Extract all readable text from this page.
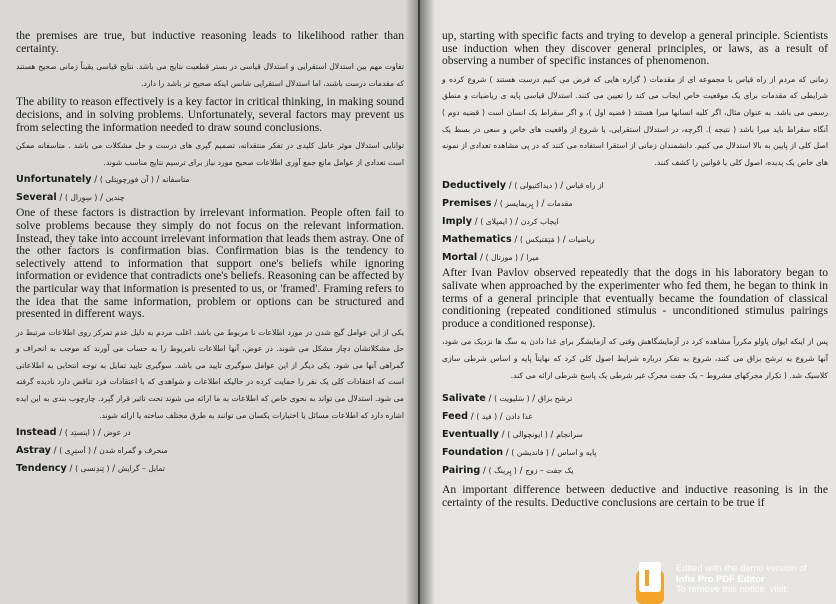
the premises are true, but inductive reasoning leads to likelihood rather than certainty.

تفاوت مهم بین استدلال استقرایی و استدلال قیاسی در بستر قطعیت نتایج می باشد. نتایج قیاسی یقیناً زمانی صحیح هستند که مقدمات درست باشند، اما استدلال استقرایی شانس اینکه صحیح تر باشد را دارد.

The ability to reason effectively is a key factor in critical thinking, in making sound decisions, and in solving problems. Unfortunately, several factors may prevent us from selecting the information needed to draw sound conclusions.

توانایی استدلال موثر عامل کلیدی در تفکر منتقدانه، تصمیم گیری های درست و حل مشکلات می باشد . متاسفانه ممکن است تعدادی از عوامل مانع جمع آوری اطلاعات صحیح مورد نیاز برای ترسیم نتایج مناسب شوند.

Unfortunately / ( آن فورچونِتلی ) / متاسفانه
Several / ( سِوِرال ) / چندین

One of these factors is distraction by irrelevant information. People often fail to solve problems because they simply do not focus on the relevant information. Instead, they take into account irrelevant information that leads them astray. One of the other factors is confirmation bias. Confirmation bias is the tendency to selectively attend to information that support one's beliefs while ignoring information or evidence that contradicts one's beliefs. Reasoning can be affected by the particular way that information is presented to us, or 'framed'. Framing refers to the idea that the same information, problem or options can be structured and presented in different ways.

یکی از این عوامل گیج شدن در مورد اطلاعات نا مربوط می باشد. اغلب مردم به دلیل عدم تمرکز روی اطلاعات مرتبط در حل مشکلاتشان دچار مشکل می شوند. در عوض، آنها اطلاعات نامربوط را به حساب می آورند که موجب به انحراف و گمراهی آنها می شود. یکی دیگر از این عوامل سوگیری تایید می باشد. سوگیری تایید تمایل به توجه انتخابی به اطلاعاتی است که اعتقادات کلی یک نفر را حمایت کرده در حالیکه اطلاعات و شواهدی که با اعتقادات فرد تناقض دارد نادیده گرفته می شود. استدلال می تواند به نحوی خاص که اطلاعات به ما ارائه می شوند تحت تاثیر قرار گیرد. چارچوب بندی به این ایده اشاره دارد که اطلاعات مسائل یا اختیارات یکسان می توانند به طرق مختلف ساخته یا ارائه شوند.

Instead / ( اینستِد ) / در عوض
Astray / ( اَستِرِی ) / منحرف و گمراه شدن
Tendency / ( تِندِنسی ) / تمایل – گرایش

up, starting with specific facts and trying to develop a general principle. Scientists use induction when they discover general principles, or laws, as a result of observing a number of specific instances of phenomenon.

زمانی که مردم از راه قیاس با مجموعه ای از مقدمات ( گزاره هایی که فرض می کنیم درست هستند ) شروع کرده و شرایطی که مقدمات برای یک موقعیت خاص ایجاب می کند را تعیین می کنند. استدلال قیاسی پایه ی ریاضیات و منطق رسمی می باشد. به عنوان مثال، اگر کلیه انسانها میرا هستند ( قضیه اول )، و اگر سقراط یک انسان است ( قضیه دوم ) آنگاه سقراط باید میرا باشد ( نتیجه ). اگرچه، در استدلال استقرایی، با شروع از واقعیت های خاص و سعی در بسط یک اصل کلی از پایین به بالا استدلال می کنیم. دانشمندان زمانی از استقرا استفاده می کنند که در پی مشاهده تعدادی از نمونه های خاص یک پدیده، اصول کلی یا قوانین را کشف کنند.

Deductively / ( دیداکتیولی ) / از راه قیاس
Premises / ( پِریمایسز ) / مقدمات
Imply / ( ایمپلای ) / ایجاب کردن
Mathematics / ( مَتِمَتیکس ) / ریاضیات
Mortal / ( مورتال ) / میرا

After Ivan Pavlov observed repeatedly that the dogs in his laboratory began to salivate when approached by the experimenter who fed them, he began to think in terms of a general principle that eventually became the foundation of classical conditioning (repeated conditioned stimulus - unconditioned stimulus pairings produce a conditioned response).

پس از اینکه ایوان پاولو مکرراً مشاهده کرد در آزمایشگاهش وقتی که آزمایشگر برای غذا دادن به سگ ها نزدیک می شود، آنها شروع به ترشح بزاق می کنند، شروع به تفکر درباره شرایط اصول کلی کرد که نهایتاً پایه و اساس شرطی سازی کلاسیک شد. ( تکرار محرکهای مشروط – یک جفت محرک غیر شرطی یک پاسخ شرطی ارائه می کند.

Salivate / ( سَلیویت ) / ترشح بزاق
Feed / ( فید ) / غذا دادن
Eventually / ( ایونچوالی ) / سرانجام
Foundation / ( فاندیشن ) / پایه و اساس
Pairing / ( پِرینگ ) / یک جفت – زوج

An important difference between deductive and inductive reasoning is in the certainty of the results. Deductive conclusions are certain to be true if

Edited with the demo version of
Infix Pro PDF Editor
To remove this notice, visit:
